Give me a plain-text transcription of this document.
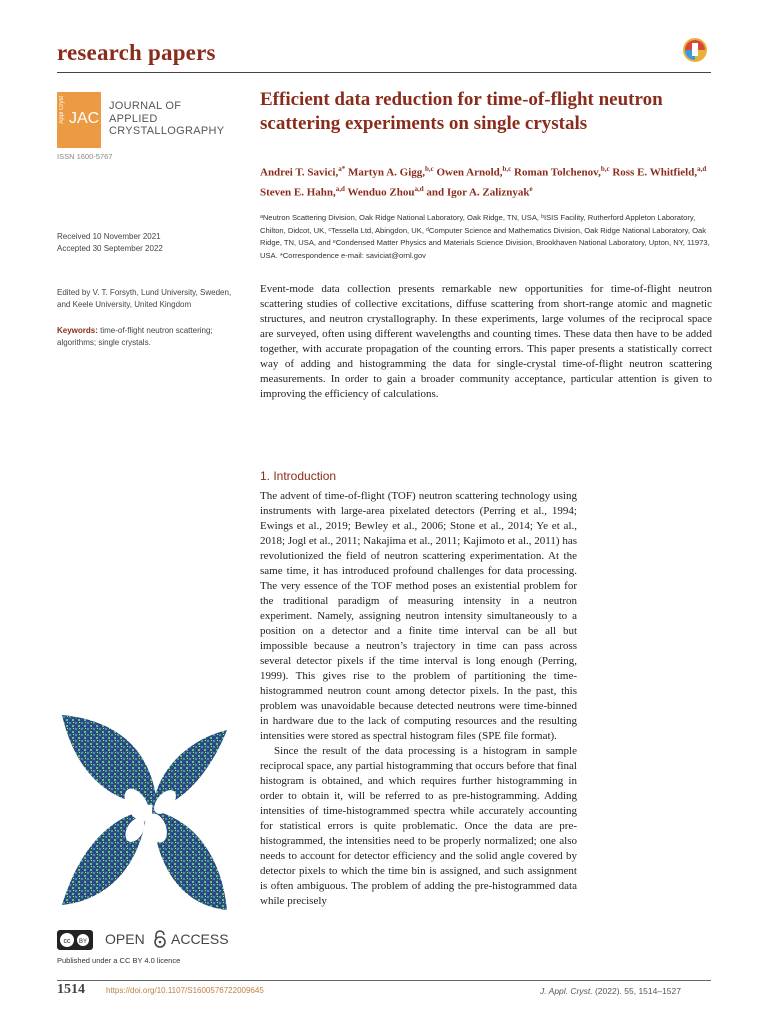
research papers
Appl Cryst JAC
JOURNAL OF
APPLIED
CRYSTALLOGRAPHY
ISSN 1600-5767
Received 10 November 2021
Accepted 30 September 2022
Edited by V. T. Forsyth, Lund University, Sweden, and Keele University, United Kingdom
Keywords: time-of-flight neutron scattering; algorithms; single crystals.
Efficient data reduction for time-of-flight neutron scattering experiments on single crystals
Andrei T. Savici,$^{a*}$ Martyn A. Gigg,$^{b,c}$ Owen Arnold,$^{b,c}$ Roman Tolchenov,$^{b,c}$ Ross E. Whitfield,$^{a,d}$ Steven E. Hahn,$^{a,d}$ Wenduo Zhou$^{a,d}$ and Igor A. Zaliznyak$^e$
ᵃNeutron Scattering Division, Oak Ridge National Laboratory, Oak Ridge, TN, USA, ᵇISIS Facility, Rutherford Appleton Laboratory, Chilton, Didcot, UK, ᶜTessella Ltd, Abingdon, UK, ᵈComputer Science and Mathematics Division, Oak Ridge National Laboratory, Oak Ridge, TN, USA, and ᵉCondensed Matter Physics and Materials Science Division, Brookhaven National Laboratory, Upton, NY, 11973, USA. *Correspondence e-mail: saviciat@ornl.gov
Event-mode data collection presents remarkable new opportunities for time-of-flight neutron scattering studies of collective excitations, diffuse scattering from short-range atomic and magnetic structures, and neutron crystallography. In these experiments, large volumes of the reciprocal space are surveyed, often using different wavelengths and counting times. These data then have to be added together, with accurate propagation of the counting errors. This paper presents a statistically correct way of adding and histogramming the data for single-crystal time-of-flight neutron scattering measurements. In order to gain a broader community acceptance, particular attention is given to improving the efficiency of calculations.
1. Introduction

The advent of time-of-flight (TOF) neutron scattering technology using instruments with large-area pixelated detectors (Perring et al., 1994; Ewings et al., 2019; Bewley et al., 2006; Stone et al., 2014; Ye et al., 2018; Jogl et al., 2011; Nakajima et al., 2011; Kajimoto et al., 2011) has revolutionized the field of neutron scattering experimentation. At the same time, it has introduced profound challenges for data processing. The very essence of the TOF method poses an existential problem for the traditional paradigm of measuring intensity in a neutron experiment. Namely, assigning neutron intensity simultaneously to a position on a detector and a finite time interval can be all but impossible because a neutron’s trajectory in time can pass across several detector pixels if the time interval is long enough (Perring, 1999). This gives rise to the problem of partitioning the time-histogrammed neutron count among detector pixels. In the past, this problem was unavoidable because detected neutrons were time-binned in hardware due to the lack of computing resources and the resulting intensities were stored as spectral histogram files (SPE file format).

Since the result of the data processing is a histogram in sample reciprocal space, any partial histogramming that occurs before that final histogram is obtained, and which requires further histogramming in order to obtain it, will be referred to as pre-histogramming. Adding intensities of time-histogrammed spectra while accurately accounting for statistical errors is quite problematic. Once the data are pre-histogrammed, the intensities need to be properly normalized; one also needs to account for detector efficiency and the solid angle covered by detector pixels to which the time bin is assigned, and such assignment is often ambiguous. The problem of adding the pre-histogrammed data while precisely

cc BY OPEN ACCESS
Published under a CC BY 4.0 licence
1514	https://doi.org/10.1107/S1600576722009645	J. Appl. Cryst. (2022). 55, 1514–1527
